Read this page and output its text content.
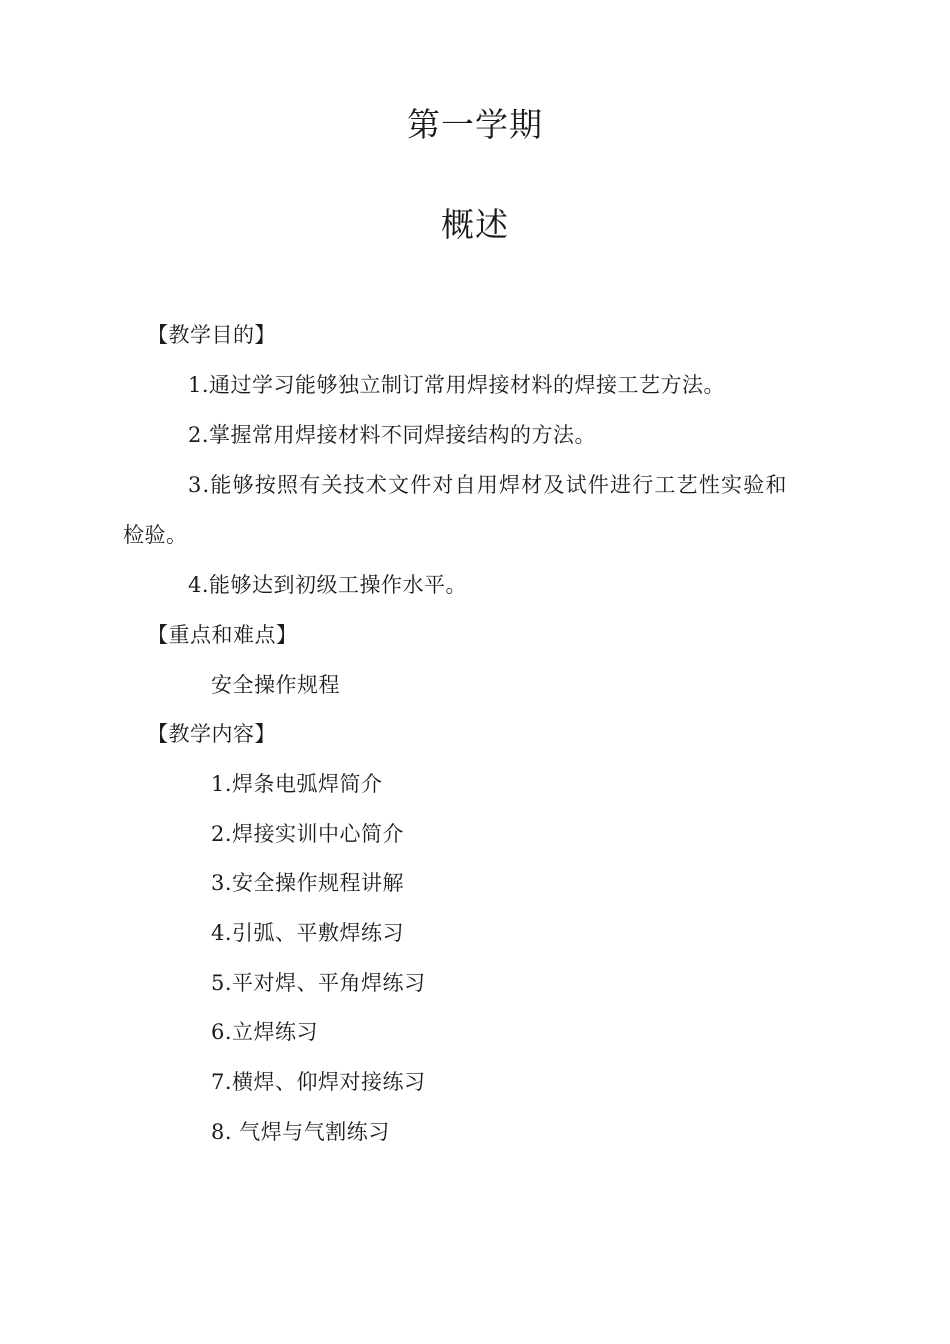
第一学期
概述
【教学目的】
1.通过学习能够独立制订常用焊接材料的焊接工艺方法。
2.掌握常用焊接材料不同焊接结构的方法。
3.能够按照有关技术文件对自用焊材及试件进行工艺性实验和
检验。
4.能够达到初级工操作水平。
【重点和难点】
安全操作规程
【教学内容】
1.焊条电弧焊简介
2.焊接实训中心简介
3.安全操作规程讲解
4.引弧、平敷焊练习
5.平对焊、平角焊练习
6.立焊练习
7.横焊、仰焊对接练习
8. 气焊与气割练习
